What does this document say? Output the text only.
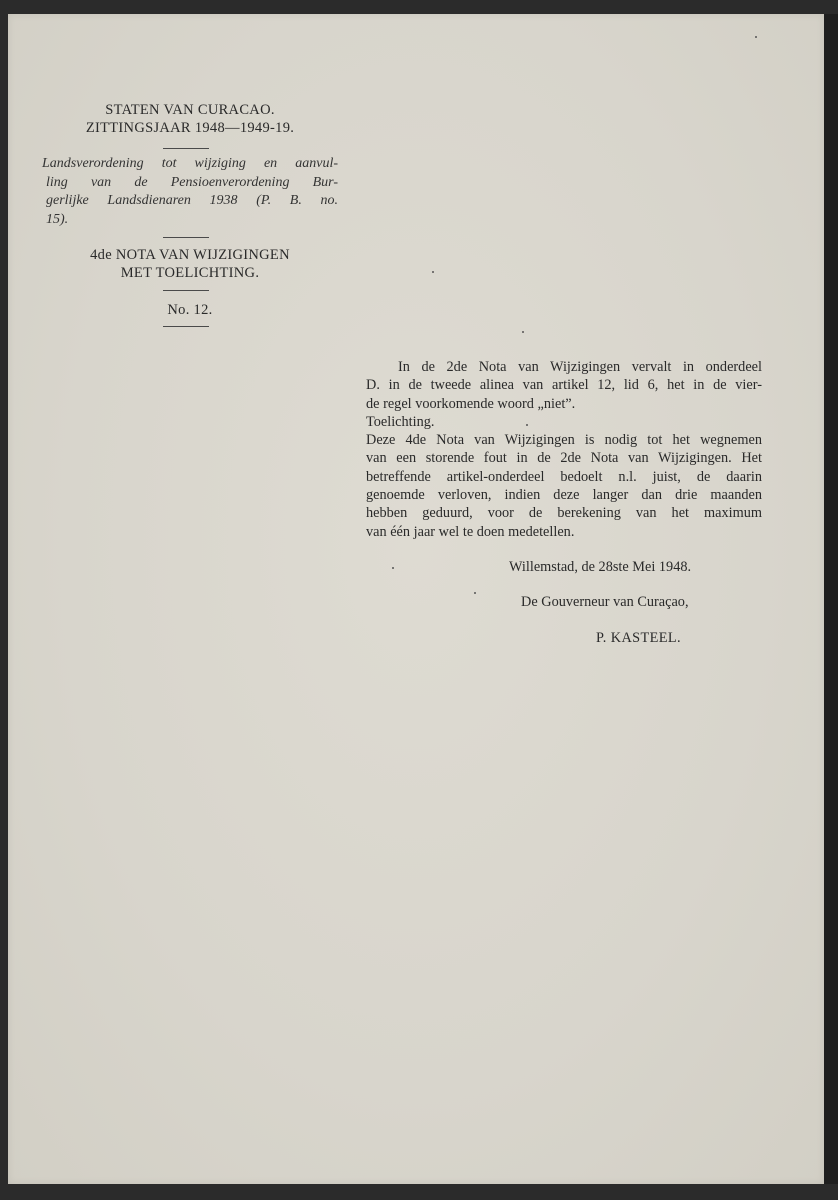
STATEN VAN CURACAO.
ZITTINGSJAAR 1948—1949-19.
Landsverordening tot wijziging en aanvul-
ling van de Pensioenverordening Bur-
gerlijke Landsdienaren 1938 (P. B. no.
15).
4de NOTA VAN WIJZIGINGEN
MET TOELICHTING.
No. 12.
In de 2de Nota van Wijzigingen vervalt in onderdeel
D. in de tweede alinea van artikel 12, lid 6, het in de vier-
de regel voorkomende woord „niet”.
Toelichting.
Deze 4de Nota van Wijzigingen is nodig tot het wegnemen
van een storende fout in de 2de Nota van Wijzigingen. Het
betreffende artikel-onderdeel bedoelt n.l. juist, de daarin
genoemde verloven, indien deze langer dan drie maanden
hebben geduurd, voor de berekening van het maximum
van één jaar wel te doen medetellen.
Willemstad, de 28ste Mei 1948.
De Gouverneur van Curaçao,
P. KASTEEL.
